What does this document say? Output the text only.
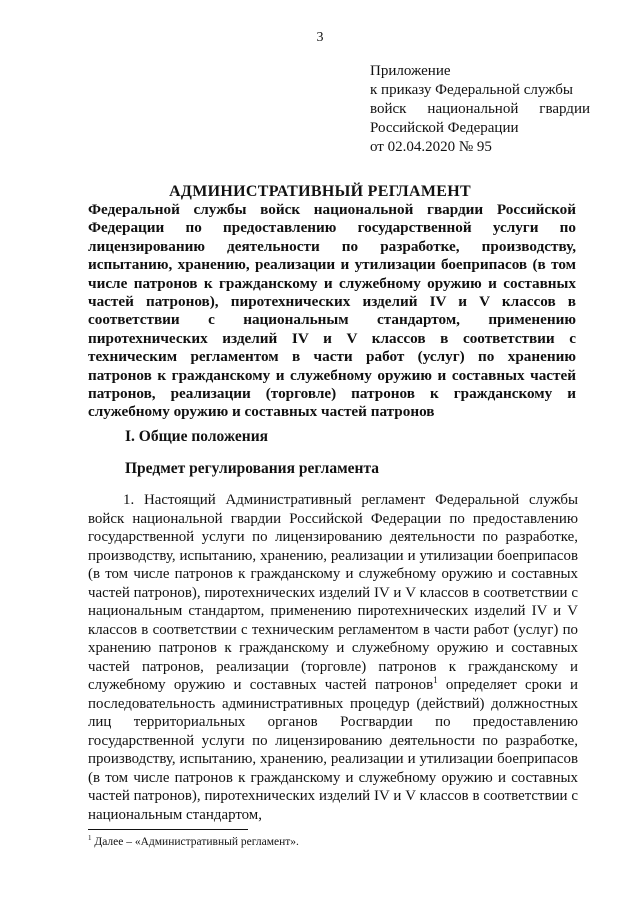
3
Приложение
к приказу Федеральной службы
войск национальной гвардии
Российской Федерации
от 02.04.2020 № 95
АДМИНИСТРАТИВНЫЙ РЕГЛАМЕНТ
Федеральной службы войск национальной гвардии Российской Федерации по предоставлению государственной услуги по лицензированию деятельности по разработке, производству, испытанию, хранению, реализации и утилизации боеприпасов (в том числе патронов к гражданскому и служебному оружию и составных частей патронов), пиротехнических изделий IV и V классов в соответствии с национальным стандартом, применению пиротехнических изделий IV и V классов в соответствии с техническим регламентом в части работ (услуг) по хранению патронов к гражданскому и служебному оружию и составных частей патронов, реализации (торговле) патронов к гражданскому и служебному оружию и составных частей патронов
I. Общие положения
Предмет регулирования регламента
1. Настоящий Административный регламент Федеральной службы войск национальной гвардии Российской Федерации по предоставлению государственной услуги по лицензированию деятельности по разработке, производству, испытанию, хранению, реализации и утилизации боеприпасов (в том числе патронов к гражданскому и служебному оружию и составных частей патронов), пиротехнических изделий IV и V классов в соответствии с национальным стандартом, применению пиротехнических изделий IV и V классов в соответствии с техническим регламентом в части работ (услуг) по хранению патронов к гражданскому и служебному оружию и составных частей патронов, реализации (торговле) патронов к гражданскому и служебному оружию и составных частей патронов$^1$ определяет сроки и последовательность административных процедур (действий) должностных лиц территориальных органов Росгвардии по предоставлению государственной услуги по лицензированию деятельности по разработке, производству, испытанию, хранению, реализации и утилизации боеприпасов (в том числе патронов к гражданскому и служебному оружию и составных частей патронов), пиротехнических изделий IV и V классов в соответствии с национальным стандартом,
$^1$ Далее – «Административный регламент».
